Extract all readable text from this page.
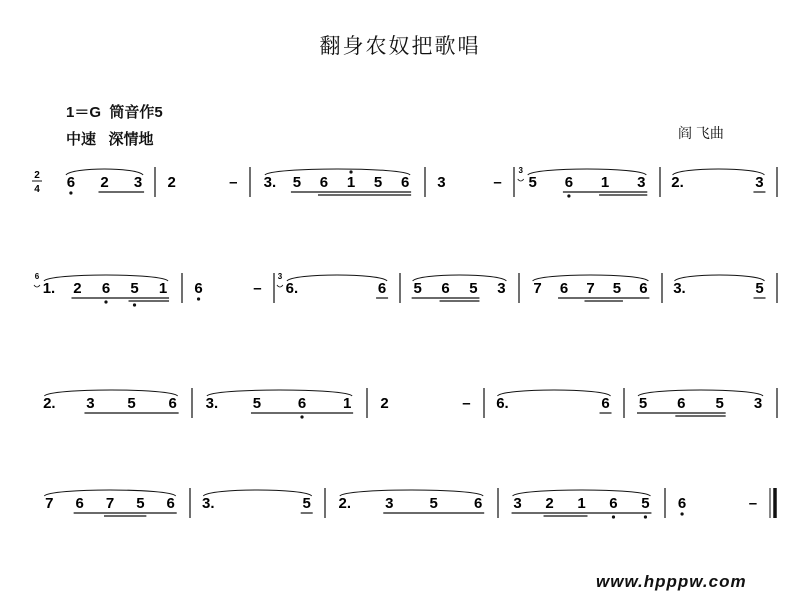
翻身农奴把歌唱
1＝G  筒音作5
中速   深情地	阎 飞曲
2
4 6 2 3 2	– 3. 5 6 1 5 6 3	– 5
3
6 1 3 2.	3
1.
6
2 6 5 1 6	– 6.
3
6 5 6 5 3 7 6 7 5 6 3.	5
2. 3 5 6 3. 5 6 1 2	– 6.	6 5 6 5 3
7 6 7 5 6 3.	5 2. 3 5 6 3 2 1 6 5 6	–
www.hpppw.com
